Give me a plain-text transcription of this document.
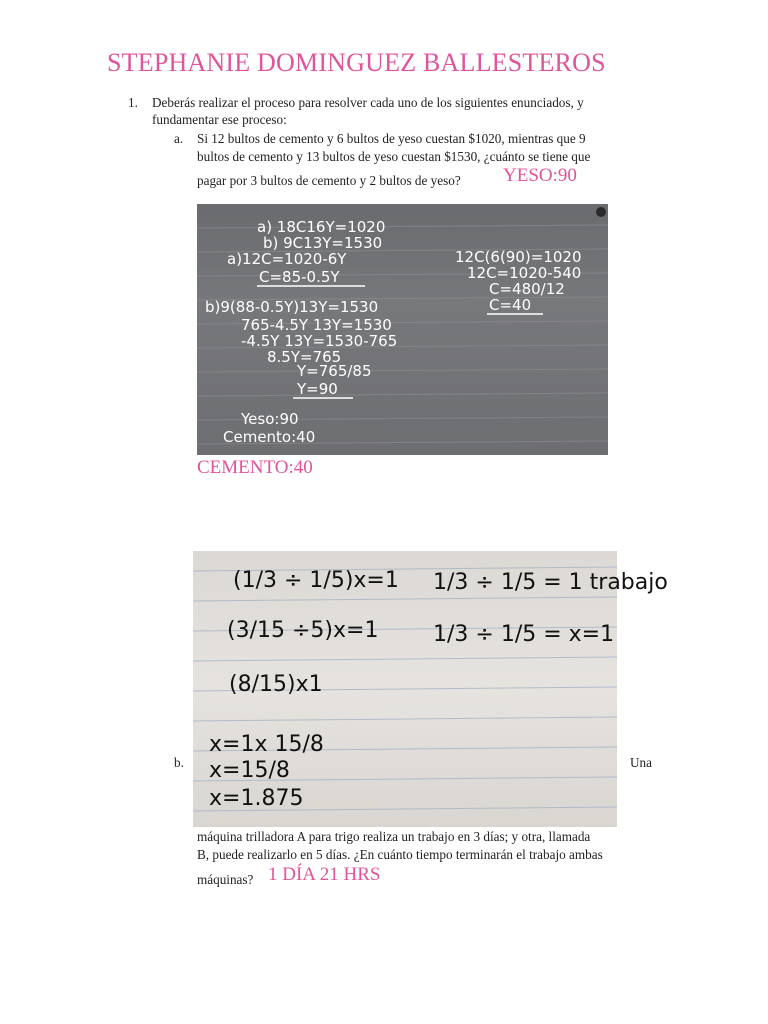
STEPHANIE DOMINGUEZ BALLESTEROS
1. Deberás realizar el proceso para resolver cada uno de los siguientes enunciados, y
fundamentar ese proceso:
a. Si 12 bultos de cemento y 6 bultos de yeso cuestan $1020, mientras que 9
bultos de cemento y 13 bultos de yeso cuestan $1530, ¿cuánto se tiene que
pagar por 3 bultos de cemento y 2 bultos de yeso? YESO:90
a) 18C16Y=1020
b) 9C13Y=1530
a)12C=1020-6Y
C=85-0.5Y
b)9(88-0.5Y)13Y=1530
765-4.5Y 13Y=1530
-4.5Y 13Y=1530-765
8.5Y=765
Y=765/85
Y=90
12C(6(90)=1020
12C=1020-540
C=480/12
C=40
Yeso:90
Cemento:40
CEMENTO:40
b.
(1/3 ÷ 1/5)x=1
(3/15 ÷5)x=1
(8/15)x1
x=1x 15/8
x=15/8
x=1.875
1/3 ÷ 1/5 = 1 trabajo
1/3 ÷ 1/5 = x=1
Una
máquina trilladora A para trigo realiza un trabajo en 3 días; y otra, llamada
B, puede realizarlo en 5 días. ¿En cuánto tiempo terminarán el trabajo ambas
máquinas? 1 DÍA 21 HRS
